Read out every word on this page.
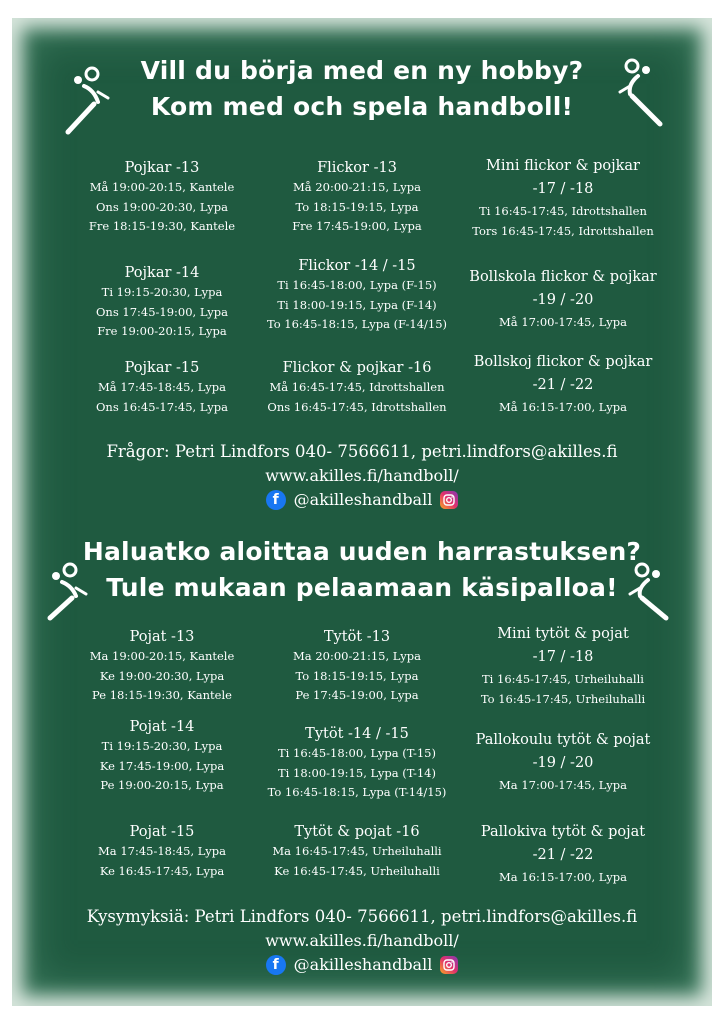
Vill du börja med en ny hobby?
Kom med och spela handboll!
Pojkar -13
Må 19:00-20:15, Kantele
Ons 19:00-20:30, Lypa
Fre 18:15-19:30, Kantele
Pojkar -14
Ti 19:15-20:30, Lypa
Ons 17:45-19:00, Lypa
Fre 19:00-20:15, Lypa
Pojkar -15
Må 17:45-18:45, Lypa
Ons 16:45-17:45, Lypa
Flickor -13
Må 20:00-21:15, Lypa
To 18:15-19:15, Lypa
Fre 17:45-19:00, Lypa
Flickor -14 / -15
Ti 16:45-18:00, Lypa (F-15)
Ti 18:00-19:15, Lypa (F-14)
To 16:45-18:15, Lypa (F-14/15)
Flickor & pojkar -16
Må 16:45-17:45, Idrottshallen
Ons 16:45-17:45, Idrottshallen
Mini flickor & pojkar
-17 / -18
Ti 16:45-17:45, Idrottshallen
Tors 16:45-17:45, Idrottshallen
Bollskola flickor & pojkar
-19 / -20
Må 17:00-17:45, Lypa
Bollskoj flickor & pojkar
-21 / -22
Må 16:15-17:00, Lypa
Frågor: Petri Lindfors 040- 7566611, petri.lindfors@akilles.fi
www.akilles.fi/handboll/
f @akilleshandball
Haluatko aloittaa uuden harrastuksen?
Tule mukaan pelaamaan käsipalloa!
Pojat -13
Ma 19:00-20:15, Kantele
Ke 19:00-20:30, Lypa
Pe 18:15-19:30, Kantele
Pojat -14
Ti 19:15-20:30, Lypa
Ke 17:45-19:00, Lypa
Pe 19:00-20:15, Lypa
Pojat -15
Ma 17:45-18:45, Lypa
Ke 16:45-17:45, Lypa
Tytöt -13
Ma 20:00-21:15, Lypa
To 18:15-19:15, Lypa
Pe 17:45-19:00, Lypa
Tytöt -14 / -15
Ti 16:45-18:00, Lypa (T-15)
Ti 18:00-19:15, Lypa (T-14)
To 16:45-18:15, Lypa (T-14/15)
Tytöt & pojat -16
Ma 16:45-17:45, Urheiluhalli
Ke 16:45-17:45, Urheiluhalli
Mini tytöt & pojat
-17 / -18
Ti 16:45-17:45, Urheiluhalli
To 16:45-17:45, Urheiluhalli
Pallokoulu tytöt & pojat
-19 / -20
Ma 17:00-17:45, Lypa
Pallokiva tytöt & pojat
-21 / -22
Ma 16:15-17:00, Lypa
Kysymyksiä: Petri Lindfors 040- 7566611, petri.lindfors@akilles.fi
www.akilles.fi/handboll/
f @akilleshandball
